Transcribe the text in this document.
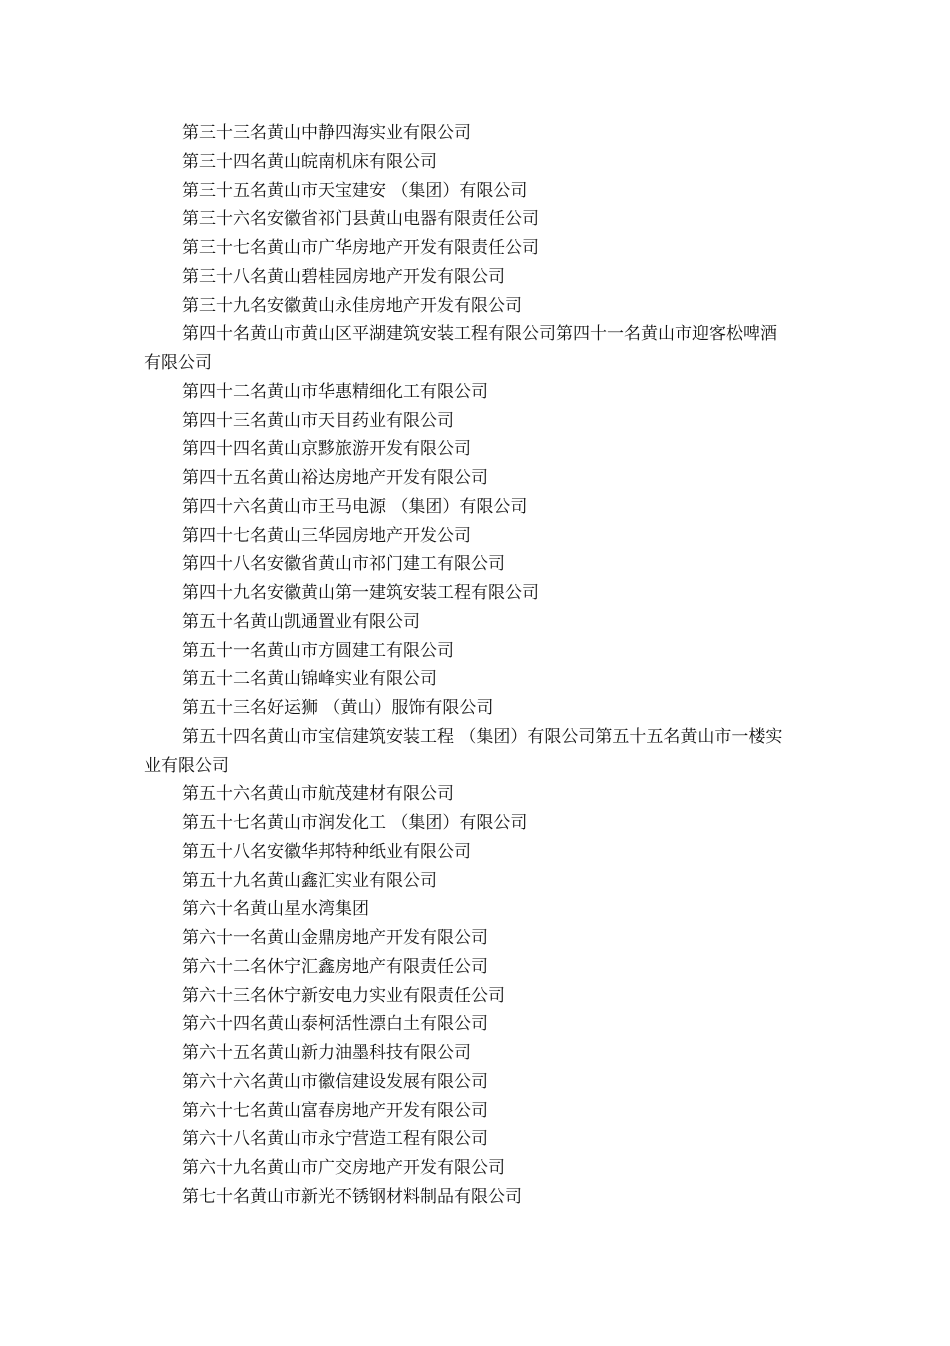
第三十三名黄山中静四海实业有限公司

第三十四名黄山皖南机床有限公司

第三十五名黄山市天宝建安 （集团）有限公司

第三十六名安徽省祁门县黄山电器有限责任公司

第三十七名黄山市广华房地产开发有限责任公司

第三十八名黄山碧桂园房地产开发有限公司

第三十九名安徽黄山永佳房地产开发有限公司

第四十名黄山市黄山区平湖建筑安装工程有限公司第四十一名黄山市迎客松啤酒有限公司

第四十二名黄山市华惠精细化工有限公司

第四十三名黄山市天目药业有限公司

第四十四名黄山京黟旅游开发有限公司

第四十五名黄山裕达房地产开发有限公司

第四十六名黄山市王马电源 （集团）有限公司

第四十七名黄山三华园房地产开发公司

第四十八名安徽省黄山市祁门建工有限公司

第四十九名安徽黄山第一建筑安装工程有限公司

第五十名黄山凯通置业有限公司

第五十一名黄山市方圆建工有限公司

第五十二名黄山锦峰实业有限公司

第五十三名好运狮 （黄山）服饰有限公司

第五十四名黄山市宝信建筑安装工程 （集团）有限公司第五十五名黄山市一楼实业有限公司

第五十六名黄山市航茂建材有限公司

第五十七名黄山市润发化工 （集团）有限公司

第五十八名安徽华邦特种纸业有限公司

第五十九名黄山鑫汇实业有限公司

第六十名黄山星水湾集团

第六十一名黄山金鼎房地产开发有限公司

第六十二名休宁汇鑫房地产有限责任公司

第六十三名休宁新安电力实业有限责任公司

第六十四名黄山泰柯活性漂白土有限公司

第六十五名黄山新力油墨科技有限公司

第六十六名黄山市徽信建设发展有限公司

第六十七名黄山富春房地产开发有限公司

第六十八名黄山市永宁营造工程有限公司

第六十九名黄山市广交房地产开发有限公司

第七十名黄山市新光不锈钢材料制品有限公司
